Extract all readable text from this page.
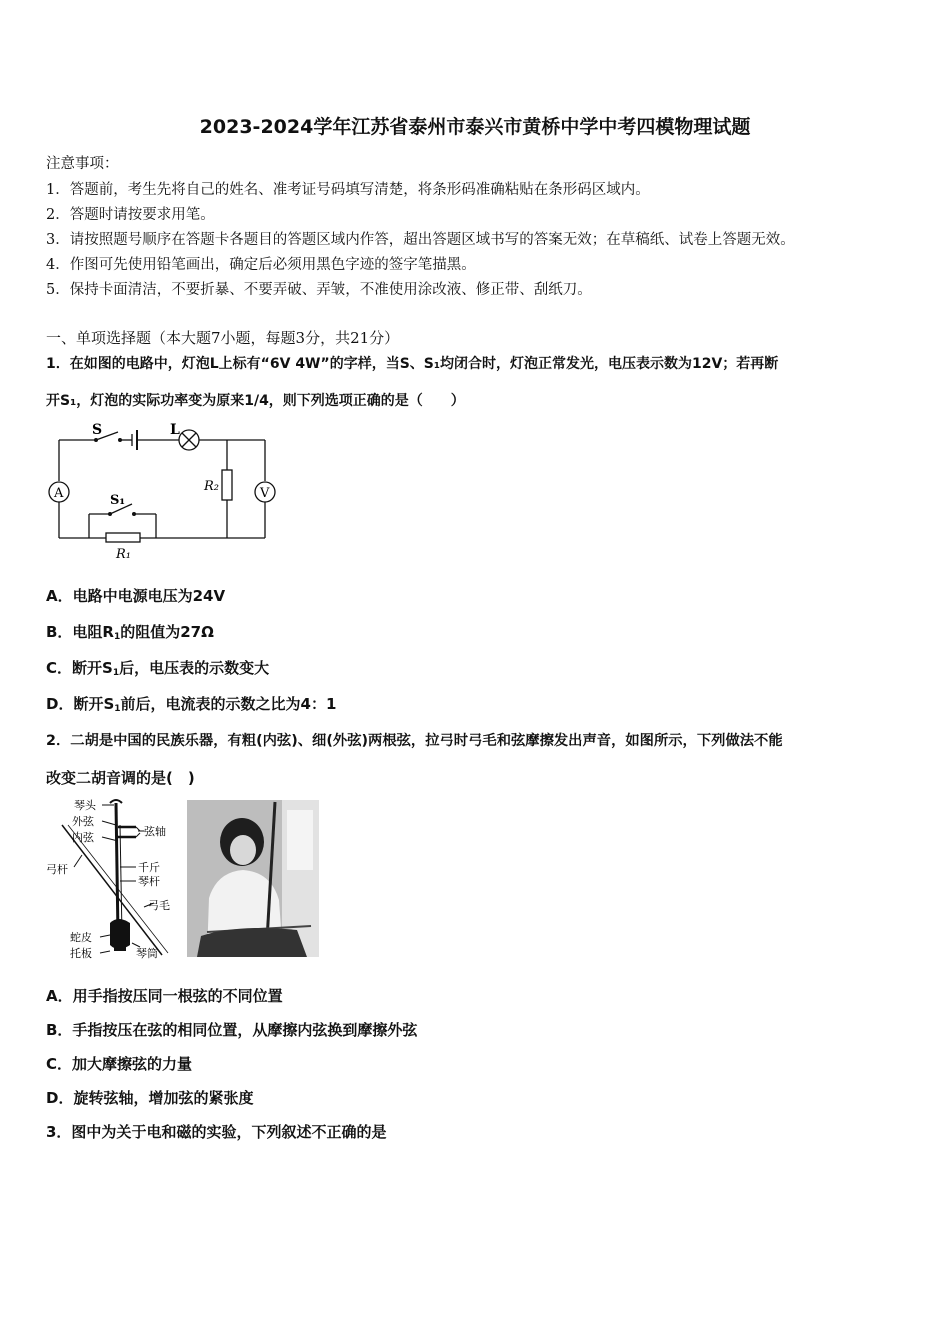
2023-2024学年江苏省泰州市泰兴市黄桥中学中考四模物理试题
注意事项：
1．答题前，考生先将自己的姓名、准考证号码填写清楚，将条形码准确粘贴在条形码区域内。
2．答题时请按要求用笔。
3．请按照题号顺序在答题卡各题目的答题区域内作答，超出答题区域书写的答案无效；在草稿纸、试卷上答题无效。
4．作图可先使用铅笔画出，确定后必须用黑色字迹的签字笔描黑。
5．保持卡面清洁，不要折暴、不要弄破、弄皱，不准使用涂改液、修正带、刮纸刀。
一、单项选择题（本大题7小题，每题3分，共21分）
1．在如图的电路中，灯泡L上标有“6V 4W”的字样，当S、S₁均闭合时，灯泡正常发光，电压表示数为12V；若再断
开S₁，灯泡的实际功率变为原来1/4，则下列选项正确的是（　　）
S	L
A	V
S₁
R₁
R₂
A．电路中电源电压为24V
B．电阻$R_1$的阻值为27Ω
C．断开$S_1$后，电压表的示数变大
D．断开$S_1$前后，电流表的示数之比为4：1
2．二胡是中国的民族乐器，有粗(内弦)、细(外弦)两根弦，拉弓时弓毛和弦摩擦发出声音，如图所示，下列做法不能
改变二胡音调的是(　)
琴头
外弦
内弦	弦轴
弓杆	千斤
琴杆
弓毛
蛇皮
托板	琴筒
A．用手指按压同一根弦的不同位置
B．手指按压在弦的相同位置，从摩擦内弦换到摩擦外弦
C．加大摩擦弦的力量
D．旋转弦轴，增加弦的紧张度
3．图中为关于电和磁的实验，下列叙述不正确的是
